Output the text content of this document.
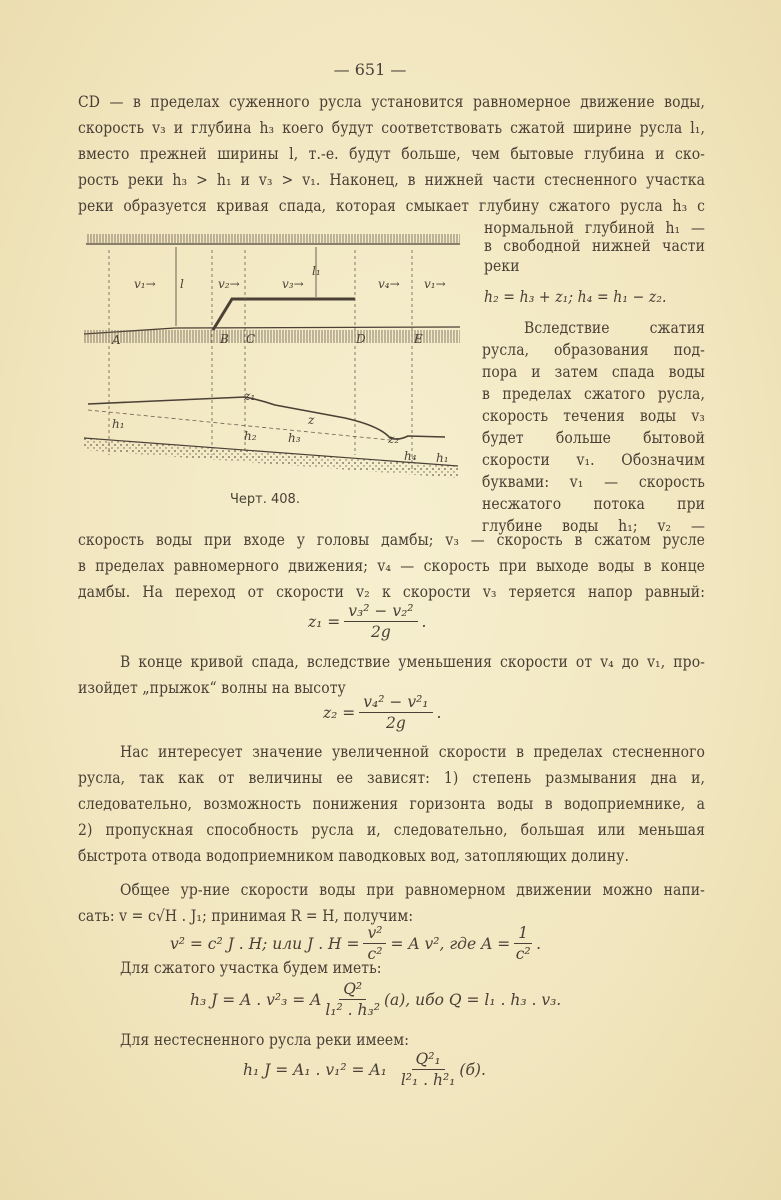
— 651 —
CD — в пределах суженного русла установится равномерное движение воды,
скорость v₃ и глубина h₃ коего будут соответствовать сжатой ширине русла l₁,
вместо прежней ширины l, т.-е. будут больше, чем бытовые глубина и ско-
рость реки h₃ > h₁ и v₃ > v₁. Наконец, в нижней части стесненного участка
реки образуется кривая спада, которая смыкает глубину сжатого русла h₃ с
нормальной глубиной h₁ —
в свободной нижней части
реки
h₂ = h₃ + z₁; h₄ = h₁ − z₂.
Вследствие сжатия
русла, образования под-
пора и затем спада воды
в пределах сжатого русла,
скорость течения воды v₃
будет больше бытовой
скорости v₁. Обозначим
буквами: v₁ — скорость
несжатого потока при
глубине воды h₁; v₂ —
v₁→ l	v₂→	v₃→
l₁
v₄→ v₁→
A	B C	D	E
h₁
z₁
h₂	h₃
z
z₂
h₄ h₁
Черт. 408.
скорость воды при входе у головы дамбы; v₃ — скорость в сжатом русле
в пределах равномерного движения; v₄ — скорость при выходе воды в конце
дамбы. На переход от скорости v₂ к скорости v₃ теряется напор равный:
$z_1 = \frac{\text{v₃² − v₂²}}{2g}$ .
В конце кривой спада, вследствие уменьшения скорости от v₄ до v₁, про-
изойдет „прыжок“ волны на высоту
$z_2 = \frac{\text{v₄² − v²₁}}{2g}$ .
Нас интересует значение увеличенной скорости в пределах стесненного
русла, так как от величины ее зависят: 1) степень размывания дна и,
следовательно, возможность понижения горизонта воды в водоприемнике, а
2) пропускная способность русла и, следовательно, большая или меньшая
быстрота отвода водоприемником паводковых вод, затопляющих долину.
Общее ур-ние скорости воды при равномерном движении можно напи-
сать: v = c√H . J₁; принимая R = H, получим:
v² = c² J . H; или J . $H = \frac{\text{v²}}{\text{c²}} = A$ v², где $A = \frac{1}{\text{c²}}$ .
Для сжатого участка будем иметь:
h₃ J = A . v²₃ = A $\frac{\text{Q²}}{\text{l₁² . h₃²}} (a)$, ибо Q = l₁ . h₃ . v₃.
Для нестесненного русла реки имеем:
h₁ J = A₁ . $v_1^2 = A_1 \frac{\text{Q²₁}}{\text{l²₁ . h²₁}} (б)$.
